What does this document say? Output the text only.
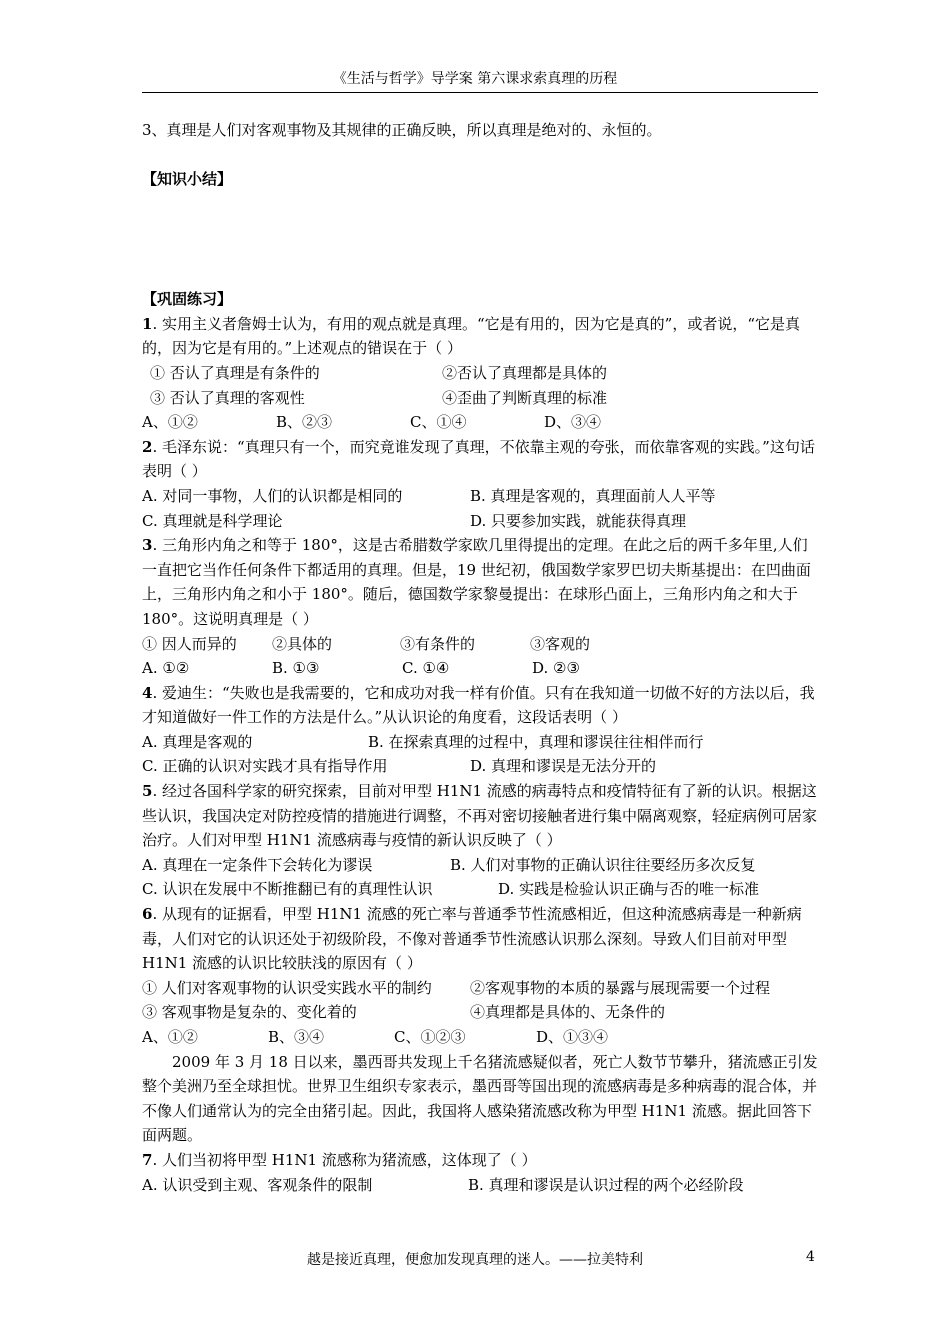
《生活与哲学》导学案 第六课求索真理的历程
3、真理是人们对客观事物及其规律的正确反映，所以真理是绝对的、永恒的。
【知识小结】
【巩固练习】
1. 实用主义者詹姆士认为，有用的观点就是真理。“它是有用的，因为它是真的”，或者说，“它是真的，因为它是有用的。”上述观点的错误在于（ ）
① 否认了真理是有条件的	②否认了真理都是具体的
③ 否认了真理的客观性	④歪曲了判断真理的标准
A、①②	B、②③	C、①④	D、③④
2. 毛泽东说：“真理只有一个，而究竟谁发现了真理，不依靠主观的夸张，而依靠客观的实践。”这句话表明（ ）
A. 对同一事物，人们的认识都是相同的	B. 真理是客观的，真理面前人人平等
C. 真理就是科学理论	D. 只要参加实践，就能获得真理
3. 三角形内角之和等于 180°，这是古希腊数学家欧几里得提出的定理。在此之后的两千多年里,人们一直把它当作任何条件下都适用的真理。但是，19 世纪初，俄国数学家罗巴切夫斯基提出：在凹曲面上，三角形内角之和小于 180°。随后，德国数学家黎曼提出：在球形凸面上，三角形内角之和大于 180°。这说明真理是（ ）
① 因人而异的	②具体的	③有条件的	③客观的
A. ①②	B. ①③	C. ①④	D. ②③
4. 爱迪生：“失败也是我需要的，它和成功对我一样有价值。只有在我知道一切做不好的方法以后，我才知道做好一件工作的方法是什么。”从认识论的角度看，这段话表明（ ）
A. 真理是客观的	B. 在探索真理的过程中，真理和谬误往往相伴而行
C. 正确的认识对实践才具有指导作用	D. 真理和谬误是无法分开的
5. 经过各国科学家的研究探索，目前对甲型 H1N1 流感的病毒特点和疫情特征有了新的认识。根据这些认识，我国决定对防控疫情的措施进行调整，不再对密切接触者进行集中隔离观察，轻症病例可居家治疗。人们对甲型 H1N1 流感病毒与疫情的新认识反映了（ ）
A. 真理在一定条件下会转化为谬误	B. 人们对事物的正确认识往往要经历多次反复
C. 认识在发展中不断推翻已有的真理性认识	D. 实践是检验认识正确与否的唯一标准
6. 从现有的证据看，甲型 H1N1 流感的死亡率与普通季节性流感相近，但这种流感病毒是一种新病毒，人们对它的认识还处于初级阶段，不像对普通季节性流感认识那么深刻。导致人们目前对甲型 H1N1 流感的认识比较肤浅的原因有（ ）
① 人们对客观事物的认识受实践水平的制约	②客观事物的本质的暴露与展现需要一个过程
③ 客观事物是复杂的、变化着的	④真理都是具体的、无条件的
A、①②	B、③④	C、①②③	D、①③④
2009 年 3 月 18 日以来，墨西哥共发现上千名猪流感疑似者，死亡人数节节攀升，猪流感正引发整个美洲乃至全球担忧。世界卫生组织专家表示，墨西哥等国出现的流感病毒是多种病毒的混合体，并不像人们通常认为的完全由猪引起。因此，我国将人感染猪流感改称为甲型 H1N1 流感。据此回答下面两题。
7. 人们当初将甲型 H1N1 流感称为猪流感，这体现了（ ）
A. 认识受到主观、客观条件的限制	B. 真理和谬误是认识过程的两个必经阶段
越是接近真理，便愈加发现真理的迷人。——拉美特利	4
